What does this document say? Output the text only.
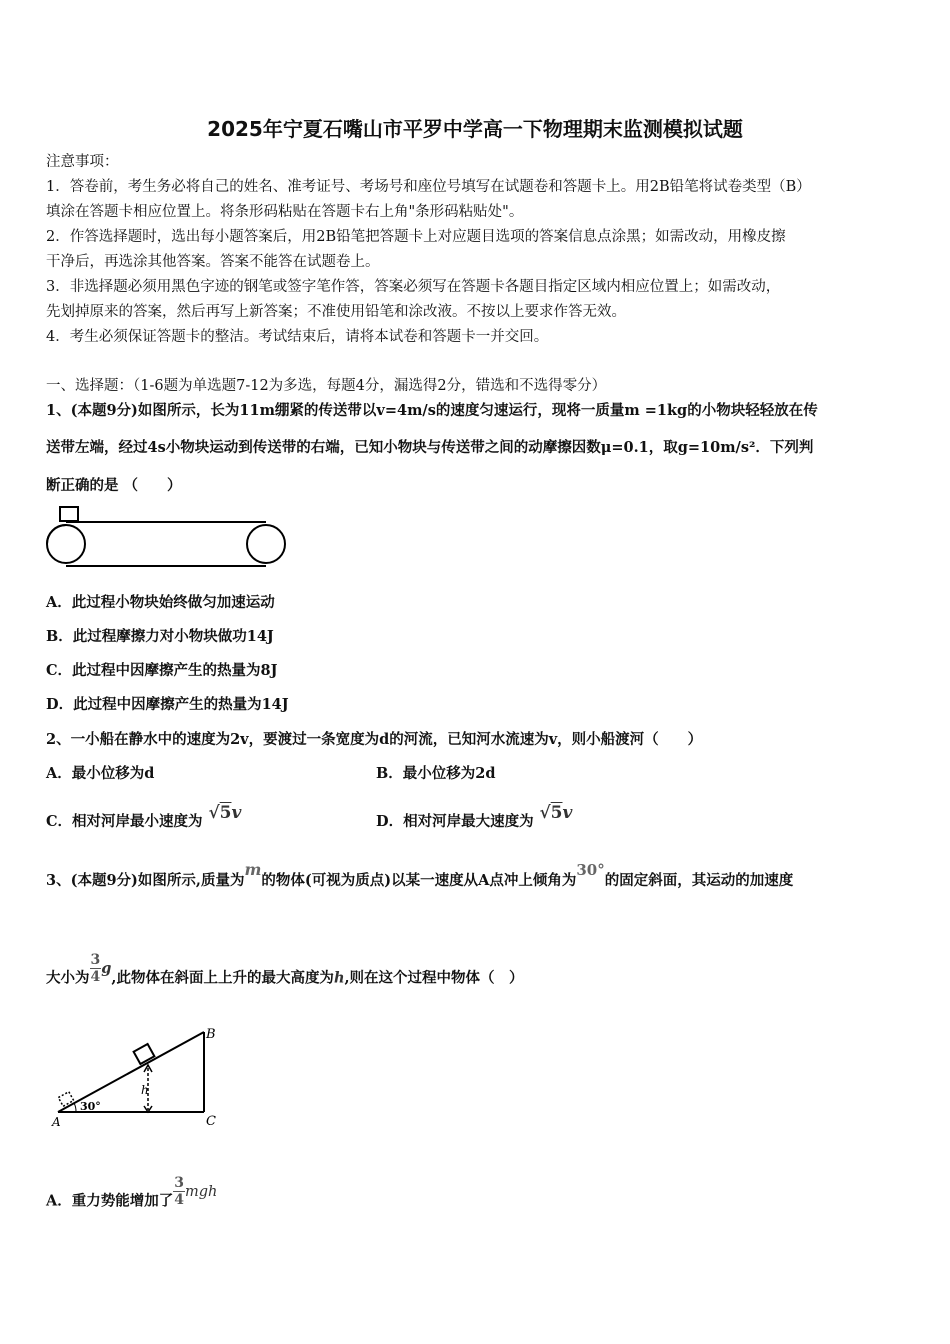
2025年宁夏石嘴山市平罗中学高一下物理期末监测模拟试题
注意事项：
1．答卷前，考生务必将自己的姓名、准考证号、考场号和座位号填写在试题卷和答题卡上。用2B铅笔将试卷类型（B）
填涂在答题卡相应位置上。将条形码粘贴在答题卡右上角"条形码粘贴处"。
2．作答选择题时，选出每小题答案后，用2B铅笔把答题卡上对应题目选项的答案信息点涂黑；如需改动，用橡皮擦
干净后，再选涂其他答案。答案不能答在试题卷上。
3．非选择题必须用黑色字迹的钢笔或签字笔作答，答案必须写在答题卡各题目指定区域内相应位置上；如需改动，
先划掉原来的答案，然后再写上新答案；不准使用铅笔和涂改液。不按以上要求作答无效。
4．考生必须保证答题卡的整洁。考试结束后，请将本试卷和答题卡一并交回。
一、选择题：（1-6题为单选题7-12为多选，每题4分，漏选得2分，错选和不选得零分）
1、(本题9分)如图所示，长为11m绷紧的传送带以v=4m/s的速度匀速运行，现将一质量m =1kg的小物块轻轻放在传
送带左端，经过4s小物块运动到传送带的右端，已知小物块与传送带之间的动摩擦因数μ=0.1，取g=10m/s²．下列判
断正确的是 （　　）
A．此过程小物块始终做匀加速运动
B．此过程摩擦力对小物块做功14J
C．此过程中因摩擦产生的热量为8J
D．此过程中因摩擦产生的热量为14J
2、一小船在静水中的速度为2v，要渡过一条宽度为d的河流，已知河水流速为v，则小船渡河（　　）
A．最小位移为d	B．最小位移为2d
C．相对河岸最小速度为 √5v	D．相对河岸最大速度为 √5v
3、(本题9分)如图所示,质量为m的物体(可视为质点)以某一速度从A点冲上倾角为30°的固定斜面，其运动的加速度
大小为 $\frac{3}{4} g$,此物体在斜面上上升的最大高度为h,则在这个过程中物体（　）
h
30°
A
B
C
A．重力势能增加了 $\frac{3}{4}$ mgh
